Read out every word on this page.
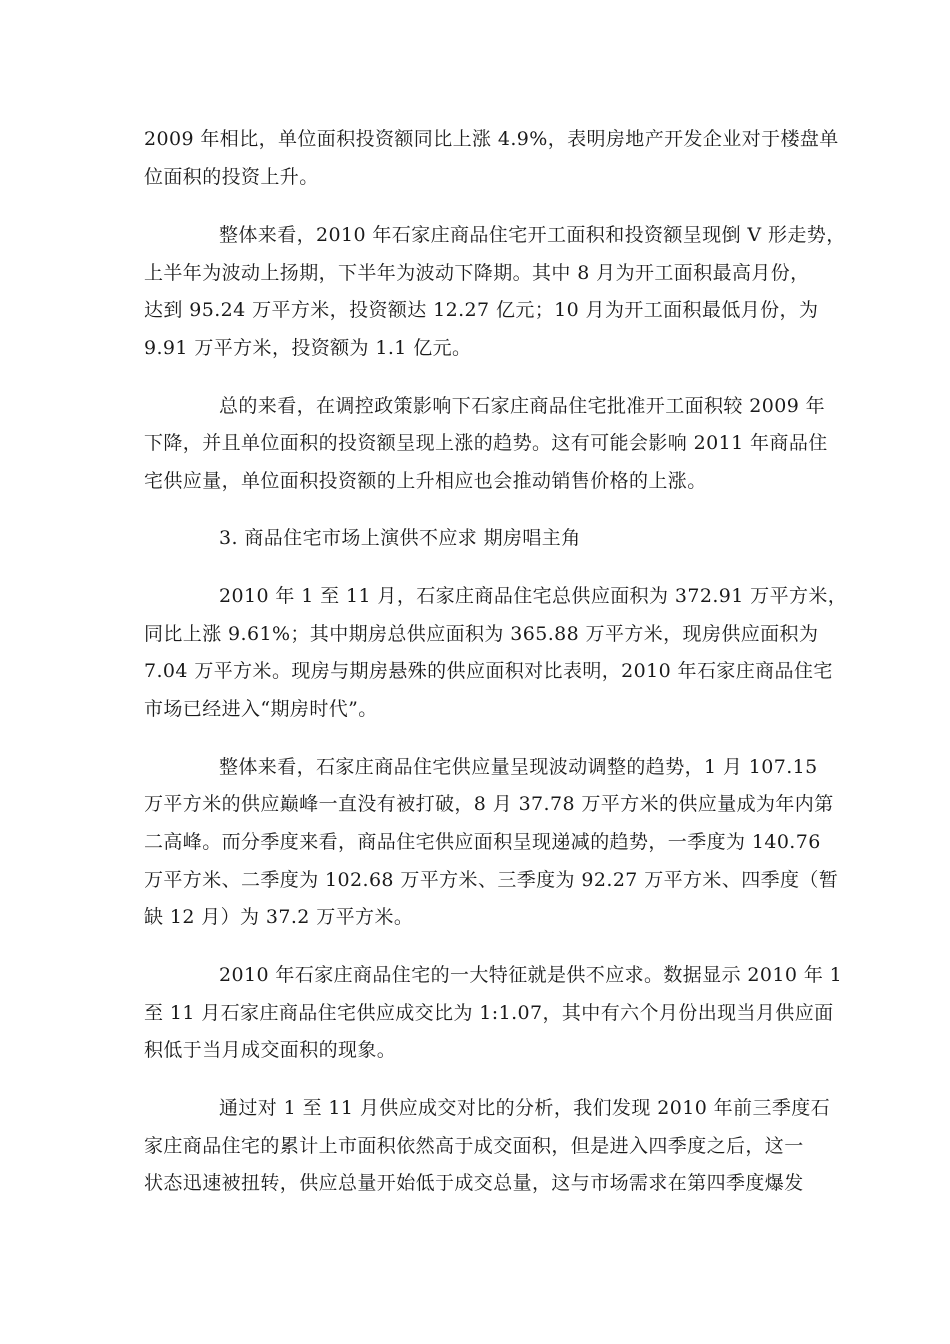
2009 年相比，单位面积投资额同比上涨 4.9%，表明房地产开发企业对于楼盘单
位面积的投资上升。
整体来看，2010 年石家庄商品住宅开工面积和投资额呈现倒 V 形走势，
上半年为波动上扬期，下半年为波动下降期。其中 8 月为开工面积最高月份，
达到 95.24 万平方米，投资额达 12.27 亿元；10 月为开工面积最低月份，为
9.91 万平方米，投资额为 1.1 亿元。
总的来看，在调控政策影响下石家庄商品住宅批准开工面积较 2009 年
下降，并且单位面积的投资额呈现上涨的趋势。这有可能会影响 2011 年商品住
宅供应量，单位面积投资额的上升相应也会推动销售价格的上涨。
3. 商品住宅市场上演供不应求 期房唱主角
2010 年 1 至 11 月，石家庄商品住宅总供应面积为 372.91 万平方米，
同比上涨 9.61%；其中期房总供应面积为 365.88 万平方米，现房供应面积为
7.04 万平方米。现房与期房悬殊的供应面积对比表明，2010 年石家庄商品住宅
市场已经进入“期房时代”。
整体来看，石家庄商品住宅供应量呈现波动调整的趋势，1 月 107.15
万平方米的供应巅峰一直没有被打破，8 月 37.78 万平方米的供应量成为年内第
二高峰。而分季度来看，商品住宅供应面积呈现递减的趋势，一季度为 140.76
万平方米、二季度为 102.68 万平方米、三季度为 92.27 万平方米、四季度（暂
缺 12 月）为 37.2 万平方米。
2010 年石家庄商品住宅的一大特征就是供不应求。数据显示 2010 年 1
至 11 月石家庄商品住宅供应成交比为 1:1.07，其中有六个月份出现当月供应面
积低于当月成交面积的现象。
通过对 1 至 11 月供应成交对比的分析，我们发现 2010 年前三季度石
家庄商品住宅的累计上市面积依然高于成交面积，但是进入四季度之后，这一
状态迅速被扭转，供应总量开始低于成交总量，这与市场需求在第四季度爆发
